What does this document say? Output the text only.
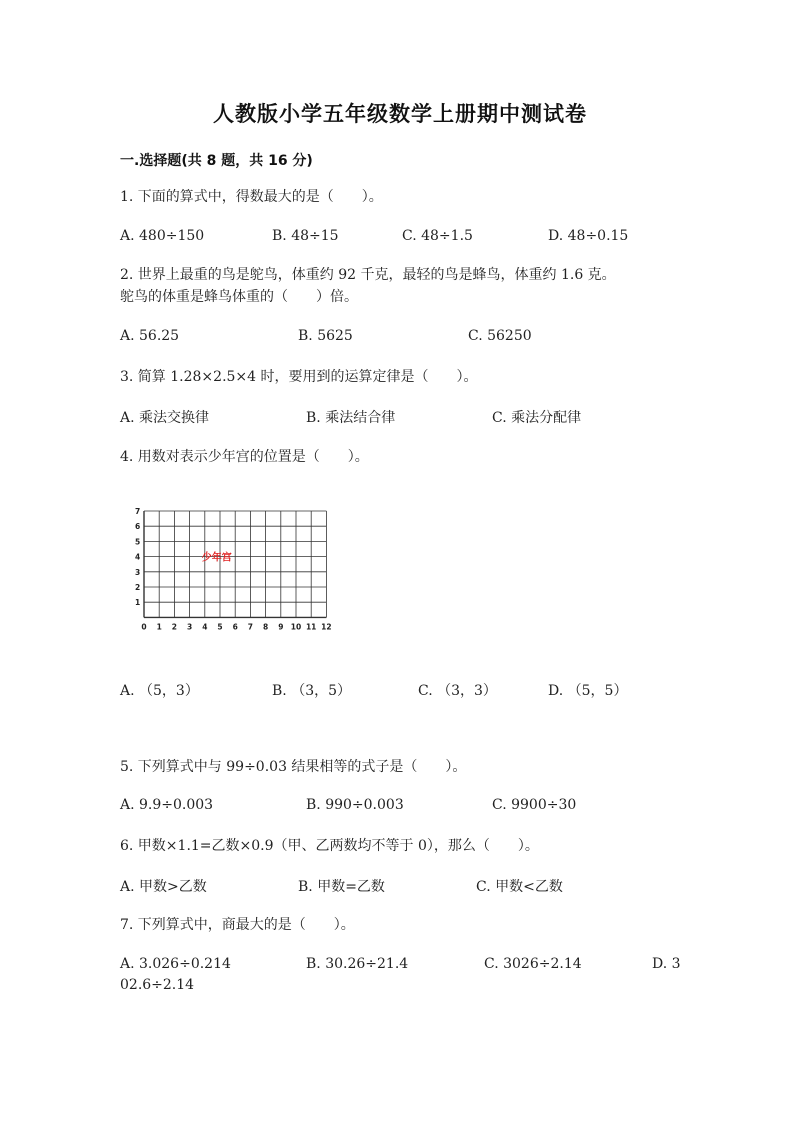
人教版小学五年级数学上册期中测试卷
一.选择题(共 8 题，共 16 分)
1. 下面的算式中，得数最大的是（　　）。
A. 480÷150	B. 48÷15	C. 48÷1.5	D. 48÷0.15
2. 世界上最重的鸟是鸵鸟，体重约 92 千克，最轻的鸟是蜂鸟，体重约 1.6 克。
鸵鸟的体重是蜂鸟体重的（　　）倍。
A. 56.25	B. 5625	C. 56250
3. 简算 1.28×2.5×4 时，要用到的运算定律是（　　）。
A. 乘法交换律	B. 乘法结合律	C. 乘法分配律
4. 用数对表示少年宫的位置是（　　）。
7
6
5
4
3
2
1
0 1 2 3 4 5 6 7 8 9 10 11 12
少年宫
A. （5，3）	B. （3，5）	C. （3，3）	D. （5，5）
5. 下列算式中与 99÷0.03 结果相等的式子是（　　）。
A. 9.9÷0.003	B. 990÷0.003	C. 9900÷30
6. 甲数×1.1=乙数×0.9（甲、乙两数均不等于 0），那么（　　）。
A. 甲数>乙数	B. 甲数=乙数	C. 甲数<乙数
7. 下列算式中，商最大的是（　　）。
A. 3.026÷0.214	B. 30.26÷21.4	C. 3026÷2.14	D. 3
02.6÷2.14
